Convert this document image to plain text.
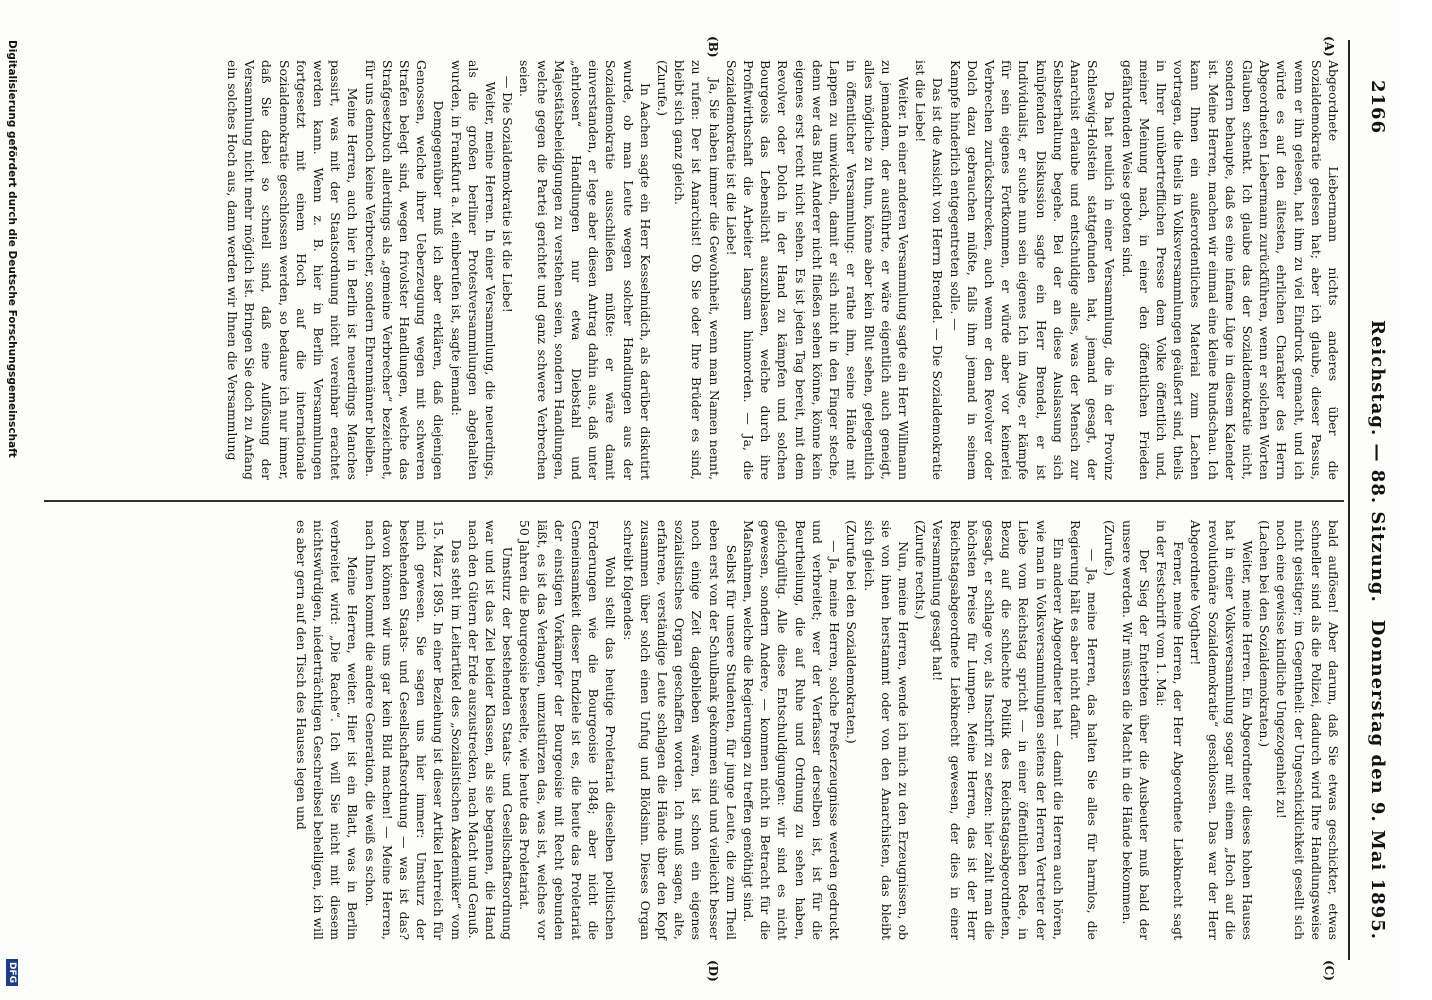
2166
Reichstag. — 88. Sitzung.
Donnerstag den 9. Mai 1895.
(A)
(B)
(C)
(D)
Abgeordnete Liebermann nichts anderes über die Sozialdemokratie gelesen hat; aber ich glaube, dieser Passus, wenn er ihn gelesen, hat ihm zu viel Eindruck gemacht, und ich würde es auf den ältesten, ehrlichen Charakter des Herrn Abgeordneten Liebermann zurückführen, wenn er solchen Worten Glauben schenkt. Ich glaube das der Sozialdemokratie nicht, sondern behaupte, daß es eine infame Lüge in diesem Kalender ist. Meine Herren, machen wir einmal eine kleine Rundschau. Ich kann Ihnen ein außerordentliches Material zum Lachen vortragen, die theils in Volksversammlungen geäußert sind, theils in Ihrer unübertrefflichen Presse dem Volke öffentlich und, meiner Meinung nach, in einer den öffentlichen Frieden gefährdenden Weise geboten sind.
Da hat neulich in einer Versammlung, die in der Provinz Schleswig-Holstein stattgefunden hat, jemand gesagt, der Anarchist erlaube und entschuldige alles, was der Mensch zur Selbsterhaltung begehe. Bei der an diese Auslassung sich knüpfenden Diskussion sagte ein Herr Brendel, er ist Individualist, er suche nun sein eigenes Ich im Auge, er kämpfe für sein eigenes Fortkommen, er würde aber vor keinerlei Verbrechen zurückschrecken, auch wenn er den Revolver oder Dolch dazu gebrauchen müßte, falls ihm jemand in seinem Kampfe hinderlich entgegentreten solle. —
Das ist die Ansicht von Herrn Brendel. — Die Sozialdemokratie ist die Liebe!
Weiter. In einer anderen Versammlung sagte ein Herr Willmann zu jemandem, der ausführte, er wäre eigentlich auch geneigt, alles mögliche zu thun, könne aber kein Blut sehen, gelegentlich in öffentlicher Versammlung: er rathe ihm, seine Hände mit Lappen zu umwickeln, damit er sich nicht in den Finger steche, denn wer das Blut Anderer nicht fließen sehen könne, könne kein eigenes erst recht nicht sehen. Es ist jeden Tag bereit, mit dem Revolver oder Dolch in der Hand zu kämpfen und solchen Bourgeois das Lebenslicht auszublasen, welche durch ihre Profitwirthschaft die Arbeiter langsam hinmorden. — Ja, die Sozialdemokratie ist die Liebe!
Ja, Sie haben immer die Gewohnheit, wenn man Namen nennt, zu rufen: Der ist Anarchist! Ob Sie oder Ihre Brüder es sind, bleibt sich ganz gleich.
(Zurufe.)
In Aachen sagte ein Herr Kesselmidich, als darüber diskutirt wurde, ob man Leute wegen solcher Handlungen aus der Sozialdemokratie ausschließen müßte: er wäre damit einverstanden, er lege aber diesen Antrag dahin aus, daß unter „ehrlosen“ Handlungen nur etwa Diebstahl und Majestätsbeleidigungen zu verstehen seien, sondern Handlungen, welche gegen die Partei gerichtet und ganz schwere Verbrechen seien.
— Die Sozialdemokratie ist die Liebe!
Weiter, meine Herren. In einer Versammlung, die neuerdings, als die großen berliner Protestversammlungen abgehalten wurden, in Frankfurt a. M. einberufen ist, sagte jemand:
Demgegenüber muß ich aber erklären, daß diejenigen Genossen, welche ihrer Ueberzeugung wegen mit schweren Strafen belegt sind, wegen frivolster Handlungen, welche das Strafgesetzbuch allerdings als „gemeine Verbrecher“ bezeichnet, für uns dennoch keine Verbrecher, sondern Ehrenmänner bleiben.
Meine Herren, auch hier in Berlin ist neuerdings Manches passirt, was mit der Staatsordnung nicht vereinbar erachtet werden kann. Wenn z. B. hier in Berlin Versammlungen fortgesetzt mit einem Hoch auf die internationale Sozialdemokratie geschlossen werden, so bedaure ich nur immer, daß Sie dabei so schnell sind, daß eine Auflösung der Versammlung nicht mehr möglich ist. Bringen Sie doch zu Anfang ein solches Hoch aus, dann werden wir Ihnen die Versammlung
bald auflösen! Aber darum, daß Sie etwas geschickter, etwas schneller sind als die Polizei, dadurch wird Ihre Handlungsweise nicht geistiger; im Gegentheil: der Ungeschicklichkeit gesellt sich noch eine gewisse kindliche Ungezogenheit zu!
(Lachen bei den Sozialdemokraten.)
Weiter, meine Herren. Ein Abgeordneter dieses hohen Hauses hat in einer Volksversammlung sogar mit einem „Hoch auf die revolutionäre Sozialdemokratie“ geschlossen. Das war der Herr Abgeordnete Vogtherr!
Ferner, meine Herren, der Herr Abgeordnete Liebknecht sagt in der Festschrift vom 1. Mai:
Der Sieg der Enterbten über die Ausbeuter muß bald der unsere werden. Wir müssen die Macht in die Hände bekommen.
(Zurufe.)
— Ja, meine Herren, das halten Sie alles für harmlos, die Regierung hält es aber nicht dafür.
Ein anderer Abgeordneter hat — damit die Herren auch hören, wie man in Volksversammlungen seitens der Herren Vertreter der Liebe vom Reichstag spricht — in einer öffentlichen Rede, in Bezug auf die schlechte Politik des Reichstagsabgeordneten, gesagt, er schlage vor, als Inschrift zu setzen: hier zahlt man die höchsten Preise für Lumpen. Meine Herren, das ist der Herr Reichstagsabgeordnete Liebknecht gewesen, der dies in einer Versammlung gesagt hat!
(Zurufe rechts.)
Nun, meine Herren, wende ich mich zu den Erzeugnissen, ob sie von ihnen herstammt oder von den Anarchisten, das bleibt sich gleich.
(Zurufe bei den Sozialdemokraten.)
— Ja, meine Herren, solche Preßerzeugnisse werden gedruckt und verbreitet; wer der Verfasser derselben ist, ist für die Beurtheilung, die auf Ruhe und Ordnung zu sehen haben, gleichgültig. Alle diese Entschuldigungen: wir sind es nicht gewesen, sondern Andere, — kommen nicht in Betracht für die Maßnahmen, welche die Regierungen zu treffen genöthigt sind.
Selbst für unsere Studenten, für junge Leute, die zum Theil eben erst von der Schulbank gekommen sind und vielleicht besser noch einige Zeit dageblieben wären, ist schon ein eigenes sozialistisches Organ geschaffen worden. Ich muß sagen, alte, erfahrene, verständige Leute schlagen die Hände über den Kopf zusammen über solch einen Unfug und Blödsinn. Dieses Organ schreibt folgendes:
Wohl stellt das heutige Proletariat dieselben politischen Forderungen wie die Bourgeoisie 1848; aber nicht die Gemeinsamkeit dieser Endziele ist es, die heute das Proletariat der einstigen Vorkämpfer der Bourgeoisie mit Recht gebunden läßt, es ist das Verlangen, umzustürzen das, was ist, welches vor 50 Jahren die Bourgeoisie beseelte, wie heute das Proletariat.
Umsturz der bestehenden Staats- und Gesellschaftsordnung war und ist das Ziel beider Klassen, als sie begannen, die Hand nach den Gütern der Erde auszustrecken, nach Macht und Genuß.
Das steht im Leitartikel des „Sozialistischen Akademiker“ vom 15. März 1895. In einer Beziehung ist dieser Artikel lehrreich für mich gewesen. Sie sagen uns hier immer: Umsturz der bestehenden Staats- und Gesellschaftsordnung — was ist das? davon können wir uns gar kein Bild machen! — Meine Herren, nach Ihnen kommt die andere Generation, die weiß es schon.
Meine Herren, weiter. Hier ist ein Blatt, was in Berlin verbreitet wird: „Die Rache“. Ich will Sie nicht mit diesem nichtswürdigen, niederträchtigen Geschreibsel behelligen, ich will es aber gern auf den Tisch des Hauses legen und
Digitalisierung gefördert durch die Deutsche Forschungsgemeinschaft
DFG
